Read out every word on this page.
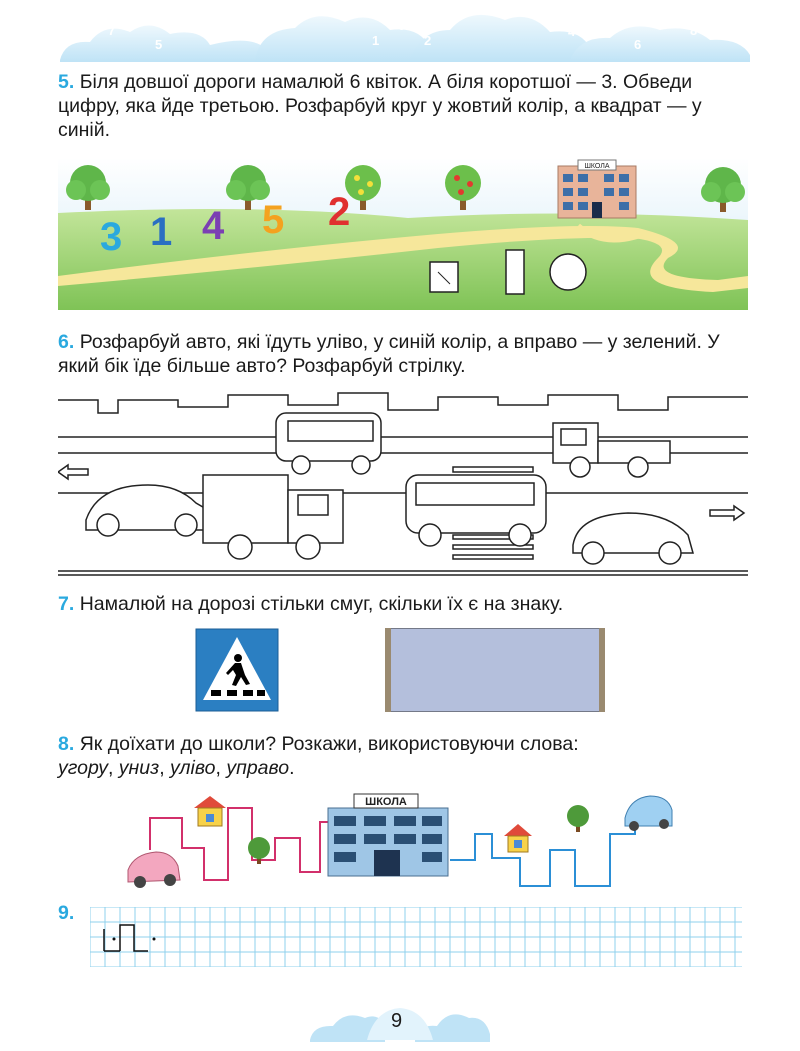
7
5
3
1
0
2
4
6
8
5. Біля довшої дороги намалюй 6 квіток. А біля коротшої — 3. Обведи цифру, яка йде третьою. Розфарбуй круг у жовтий колір, а квадрат — у синій.
ШКОЛА
3 1 4 5 2
6. Розфарбуй авто, які їдуть уліво, у синій колір, а вправо — у зелений. У який бік їде більше авто? Розфарбуй стрілку.
7. Намалюй на дорозі стільки смуг, скільки їх є на знаку.
8. Як доїхати до школи? Розкажи, використовуючи слова:
угору, униз, уліво, управо.
ШКОЛА
9.
9
